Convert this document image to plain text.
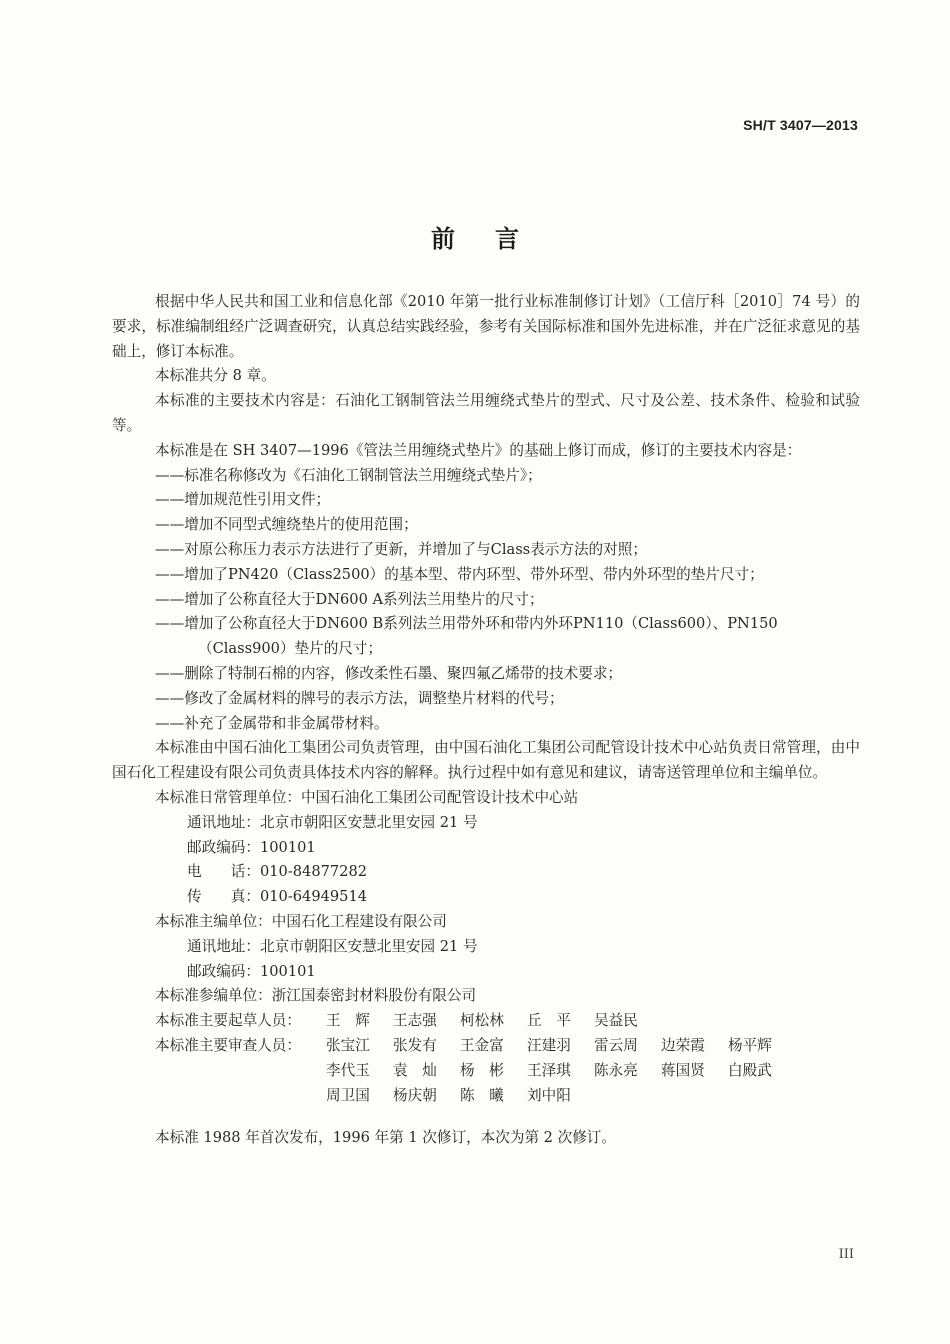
SH/T 3407—2013
前言

根据中华人民共和国工业和信息化部《2010 年第一批行业标准制修订计划》（工信厅科［2010］74 号）的要求，标准编制组经广泛调查研究，认真总结实践经验，参考有关国际标准和国外先进标准，并在广泛征求意见的基础上，修订本标准。

本标准共分 8 章。

本标准的主要技术内容是：石油化工钢制管法兰用缠绕式垫片的型式、尺寸及公差、技术条件、检验和试验等。

本标准是在 SH 3407—1996《管法兰用缠绕式垫片》的基础上修订而成，修订的主要技术内容是：

——标准名称修改为《石油化工钢制管法兰用缠绕式垫片》；

——增加规范性引用文件；

——增加不同型式缠绕垫片的使用范围；

——对原公称压力表示方法进行了更新，并增加了与Class表示方法的对照；

——增加了PN420（Class2500）的基本型、带内环型、带外环型、带内外环型的垫片尺寸；

——增加了公称直径大于DN600 A系列法兰用垫片的尺寸；

——增加了公称直径大于DN600 B系列法兰用带外环和带内外环PN110（Class600）、PN150

（Class900）垫片的尺寸；

——删除了特制石棉的内容，修改柔性石墨、聚四氟乙烯带的技术要求；

——修改了金属材料的牌号的表示方法，调整垫片材料的代号；

——补充了金属带和非金属带材料。

本标准由中国石油化工集团公司负责管理，由中国石油化工集团公司配管设计技术中心站负责日常管理，由中国石化工程建设有限公司负责具体技术内容的解释。执行过程中如有意见和建议，请寄送管理单位和主编单位。

本标准日常管理单位：中国石油化工集团公司配管设计技术中心站

通讯地址：北京市朝阳区安慧北里安园 21 号

邮政编码：100101

电　　话：010-84877282

传　　真：010-64949514

本标准主编单位：中国石化工程建设有限公司

通讯地址：北京市朝阳区安慧北里安园 21 号

邮政编码：100101

本标准参编单位：浙江国泰密封材料股份有限公司

本标准主要起草人员：	王　辉	王志强	柯松林	丘　平	吴益民
本标准主要审查人员：	张宝江	张发有	王金富	汪建羽	雷云周	边荣霞	杨平辉
李代玉	袁　灿	杨　彬	王泽琪	陈永亮	蒋国贤	白殿武
周卫国	杨庆朝	陈　曦	刘中阳

本标准 1988 年首次发布，1996 年第 1 次修订，本次为第 2 次修订。

III
